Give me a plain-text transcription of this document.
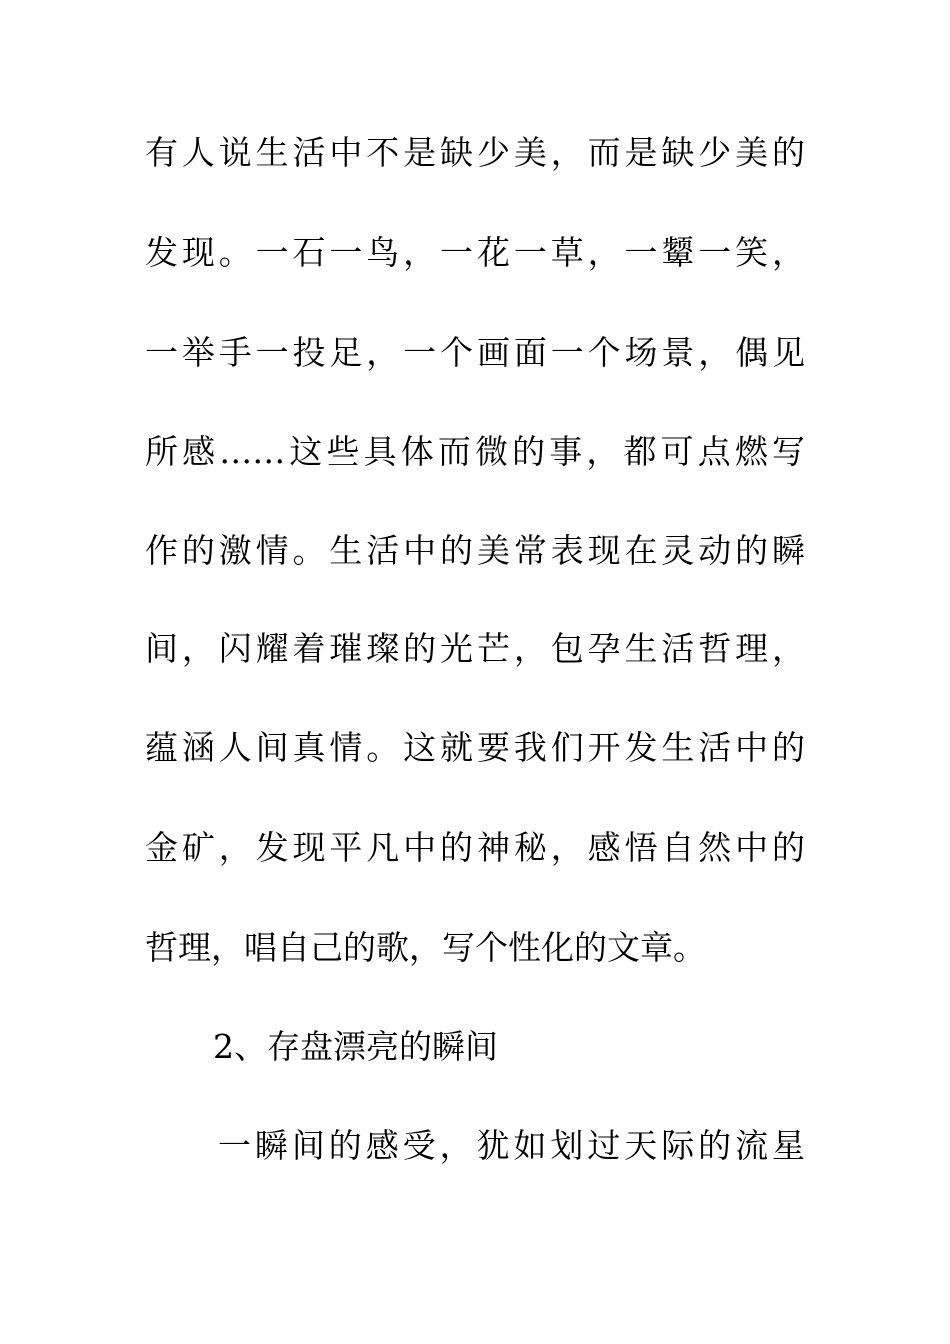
有人说生活中不是缺少美，而是缺少美的
发现。一石一鸟，一花一草，一颦一笑，
一举手一投足，一个画面一个场景，偶见
所感……这些具体而微的事，都可点燃写
作的激情。生活中的美常表现在灵动的瞬
间，闪耀着璀璨的光芒，包孕生活哲理，
蕴涵人间真情。这就要我们开发生活中的
金矿，发现平凡中的神秘，感悟自然中的
哲理，唱自己的歌，写个性化的文章。
2、存盘漂亮的瞬间
一瞬间的感受，犹如划过天际的流星
